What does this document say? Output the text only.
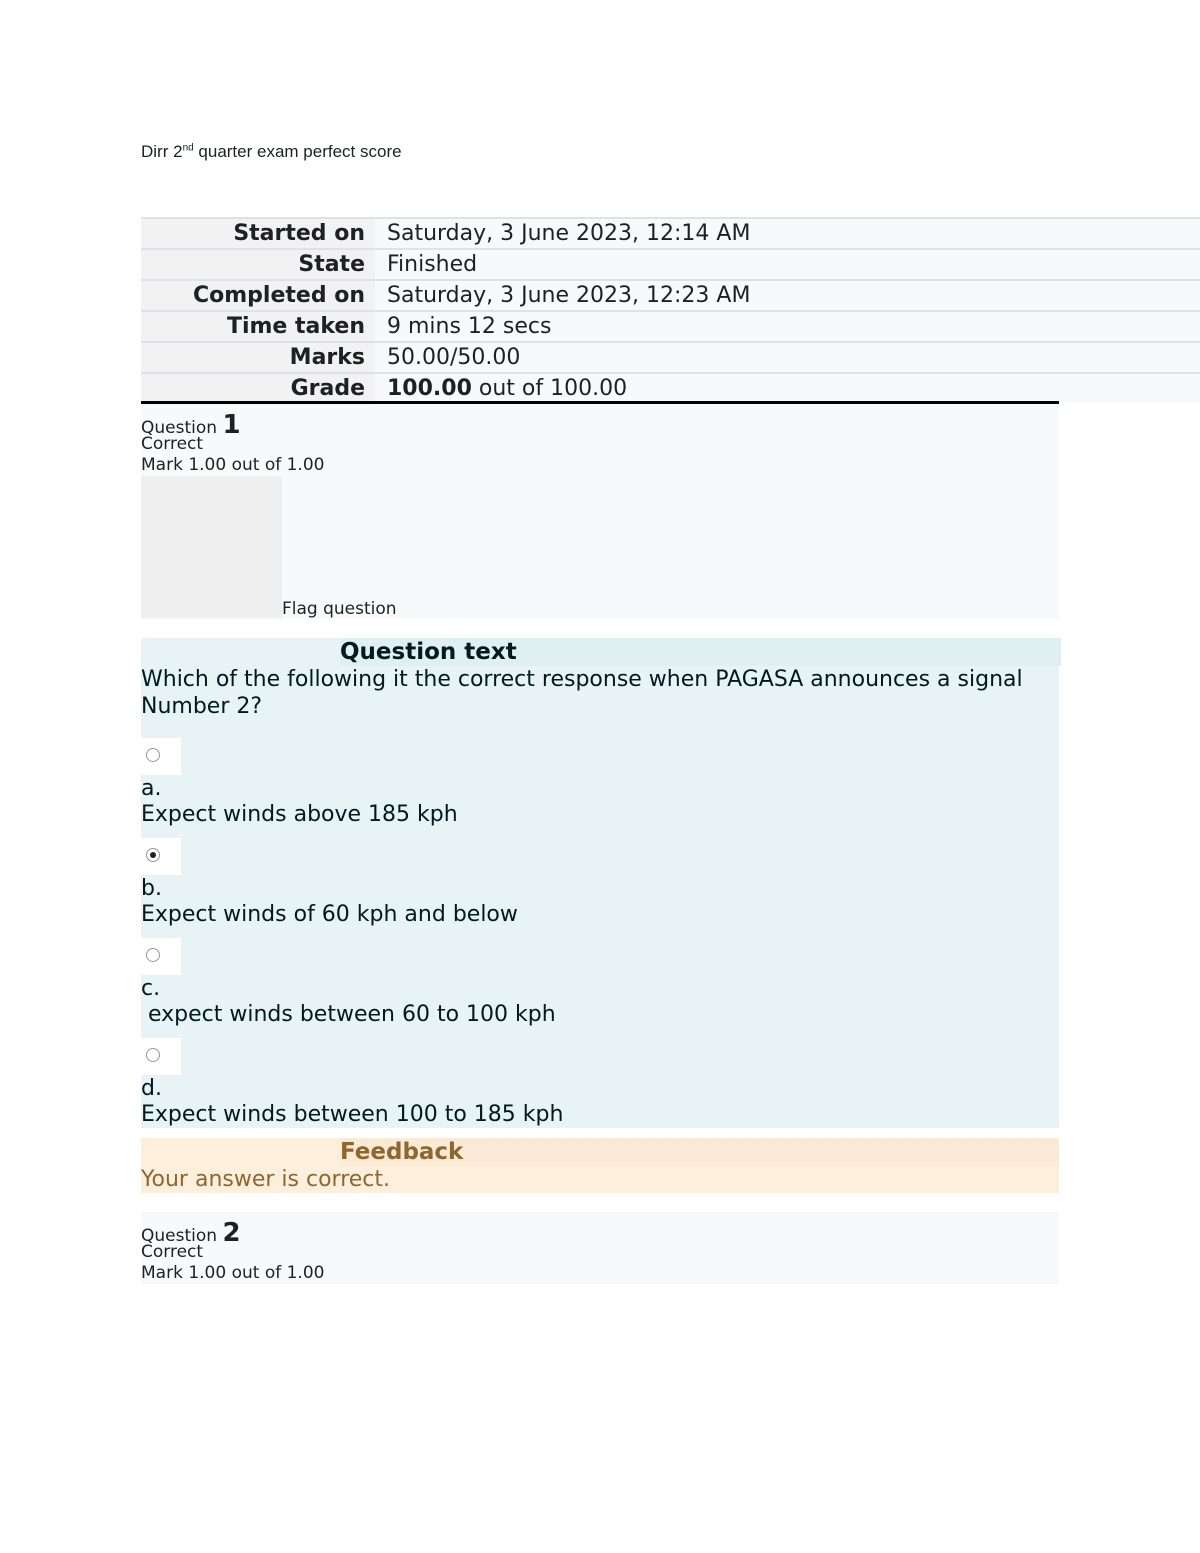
Dirr 2nd quarter exam perfect score
Started on	Saturday, 3 June 2023, 12:14 AM
State	Finished
Completed on	Saturday, 3 June 2023, 12:23 AM
Time taken	9 mins 12 secs
Marks	50.00/50.00
Grade	100.00 out of 100.00
Question 1
Correct
Mark 1.00 out of 1.00
Flag question
Question text
Which of the following it the correct response when PAGASA announces a signal Number 2?
a.
Expect winds above 185 kph
b.
Expect winds of 60 kph and below
c.
expect winds between 60 to 100 kph
d.
Expect winds between 100 to 185 kph
Feedback
Your answer is correct.
Question 2
Correct
Mark 1.00 out of 1.00
